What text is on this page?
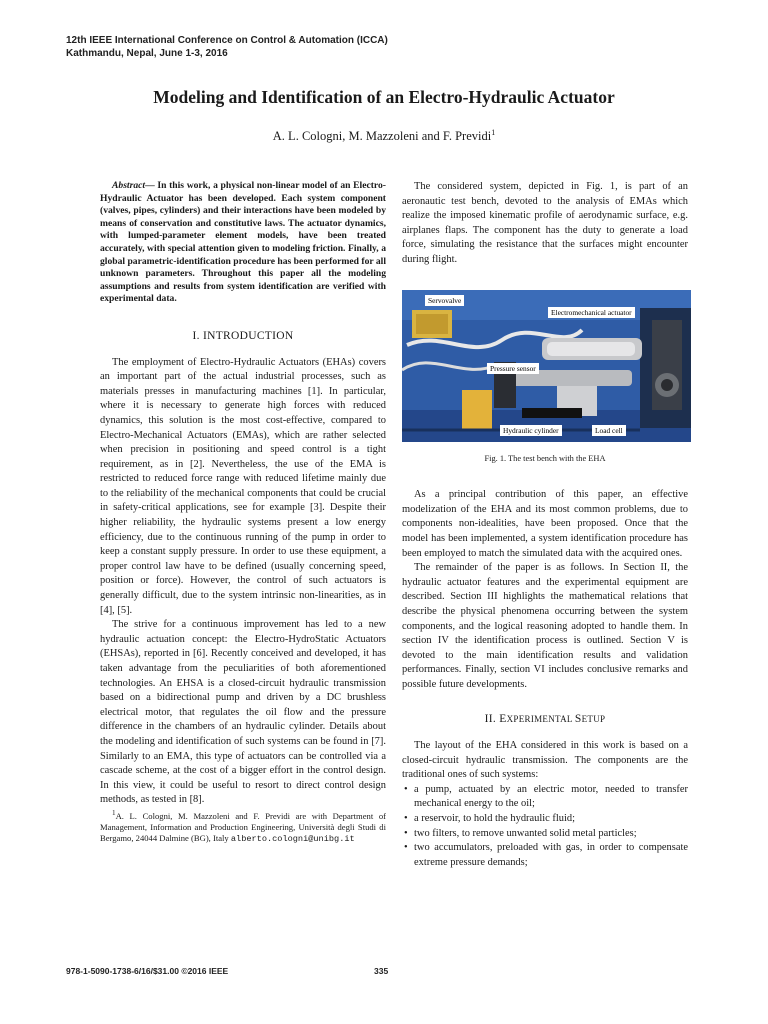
12th IEEE International Conference on Control & Automation (ICCA)
Kathmandu, Nepal, June 1-3, 2016
Modeling and Identification of an Electro-Hydraulic Actuator
A. L. Cologni, M. Mazzoleni and F. Previdi$^1$

Abstract— In this work, a physical non-linear model of an Electro-Hydraulic Actuator has been developed. Each system component (valves, pipes, cylinders) and their interactions have been modeled by means of conservation and constitutive laws. The actuator dynamics, with lumped-parameter element models, have been treated accurately, with special attention given to modeling friction. Finally, a global parametric-identification procedure has been performed for all unknown parameters. Throughout this paper all the modeling assumptions and results from system identification are verified with experimental data.

I. INTRODUCTION

The employment of Electro-Hydraulic Actuators (EHAs) covers an important part of the actual industrial processes, such as materials presses in manufacturing machines [1]. In particular, where it is necessary to generate high forces with reduced dynamics, this solution is the most cost-effective, compared to Electro-Mechanical Actuators (EMAs), which are rather selected when precision in positioning and speed control is a tight requirement, as in [2]. Nevertheless, the use of the EMA is restricted to reduced force range with reduced lifetime mainly due to the reliability of the mechanical components that could be crucial in safety-critical applications, see for example [3]. Despite their higher reliability, the hydraulic systems present a low energy efficiency, due to the continuous running of the pump in order to keep a constant supply pressure. In order to use these equipment, a proper control law have to be defined (usually concerning speed, position or force). However, the control of such actuators is generally difficult, due to the system intrinsic non-linearities, as in [4], [5].

The strive for a continuous improvement has led to a new hydraulic actuation concept: the Electro-HydroStatic Actuators (EHSAs), reported in [6]. Recently conceived and developed, it has taken advantage from the peculiarities of both aforementioned technologies. An EHSA is a closed-circuit hydraulic transmission based on a bidirectional pump and driven by a DC brushless electrical motor, that regulates the oil flow and the pressure difference in the chambers of an hydraulic cylinder. Details about the modeling and identification of such systems can be found in [7]. Similarly to an EMA, this type of actuators can be controlled via a cascade scheme, at the cost of a bigger effort in the control design. In this view, it could be useful to resort to direct control design methods, as tested in [8].

$^1$A. L. Cologni, M. Mazzoleni and F. Previdi are with Department of Management, Information and Production Engineering, Università degli Studi di Bergamo, 24044 Dalmine (BG), Italy alberto.cologni@unibg.it

The considered system, depicted in Fig. 1, is part of an aeronautic test bench, devoted to the analysis of EMAs which realize the imposed kinematic profile of aerodynamic surface, e.g. airplanes flaps. The component has the duty to generate a load force, simulating the resistance that the surfaces might encounter during flight.

Servovalve
Electromechanical actuator
Pressure sensor
Hydraulic cylinder	Load cell
Fig. 1. The test bench with the EHA

As a principal contribution of this paper, an effective modelization of the EHA and its most common problems, due to components non-idealities, have been proposed. Once that the model has been implemented, a system identification procedure has been employed to match the simulated data with the acquired ones.

The remainder of the paper is as follows. In Section II, the hydraulic actuator features and the experimental equipment are described. Section III highlights the mathematical relations that describe the physical phenomena occurring between the system components, and the logical reasoning adopted to handle them. In section IV the identification process is outlined. Section V is devoted to the main identification results and validation performances. Finally, section VI includes conclusive remarks and possible future developments.

II. EXPERIMENTAL SETUP

The layout of the EHA considered in this work is based on a closed-circuit hydraulic transmission. The components are the traditional ones of such systems:

• a pump, actuated by an electric motor, needed to transfer mechanical energy to the oil;
• a reservoir, to hold the hydraulic fluid;
• two filters, to remove unwanted solid metal particles;
• two accumulators, preloaded with gas, in order to compensate extreme pressure demands;
978-1-5090-1738-6/16/$31.00 ©2016 IEEE	335
